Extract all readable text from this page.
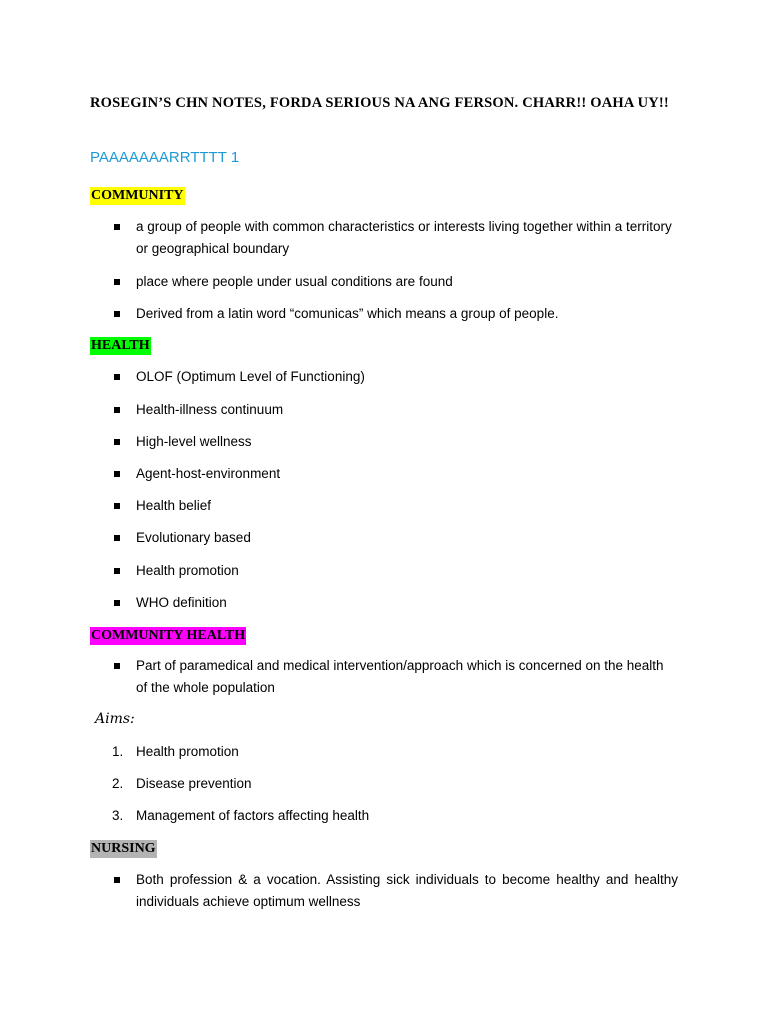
ROSEGIN’S CHN NOTES, FORDA SERIOUS NA ANG FERSON. CHARR!! OAHA UY!!
PAAAAAAARRTTTT 1
COMMUNITY
a group of people with common characteristics or interests living together within a territory or geographical boundary
place where people under usual conditions are found
Derived from a latin word “comunicas” which means a group of people.
HEALTH
OLOF (Optimum Level of Functioning)
Health-illness continuum
High-level wellness
Agent-host-environment
Health belief
Evolutionary based
Health promotion
WHO definition
COMMUNITY HEALTH
Part of paramedical and medical intervention/approach which is concerned on the health of the whole population
Aims:
1. Health promotion
2. Disease prevention
3. Management of factors affecting health
NURSING
Both profession & a vocation. Assisting sick individuals to become healthy and healthy individuals achieve optimum wellness
